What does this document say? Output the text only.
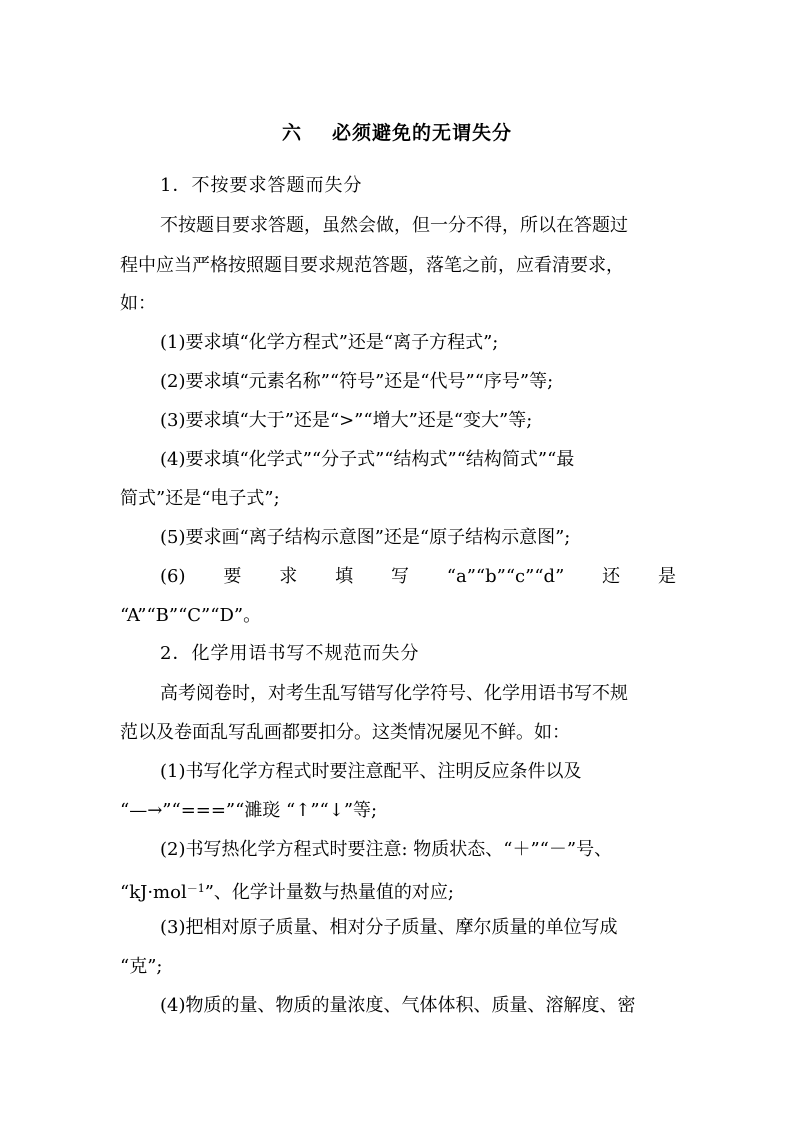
六 必须避免的无谓失分
1．不按要求答题而失分
不按题目要求答题，虽然会做，但一分不得，所以在答题过
程中应当严格按照题目要求规范答题，落笔之前，应看清要求，
如：
(1)要求填“化学方程式”还是“离子方程式”;
(2)要求填“元素名称”“符号”还是“代号”“序号”等;
(3)要求填“大于”还是“>”“增大”还是“变大”等;
(4)要求填“化学式”“分子式”“结构式”“结构简式”“最
简式”还是“电子式”;
(5)要求画“离子结构示意图”还是“原子结构示意图”;
(6) 要 求 填 写 “a”“b”“c”“d” 还 是
“A”“B”“C”“D”。
2．化学用语书写不规范而失分
高考阅卷时，对考生乱写错写化学符号、化学用语书写不规
范以及卷面乱写乱画都要扣分。这类情况屡见不鲜。如：
(1)书写化学方程式时要注意配平、注明反应条件以及
“—→”“===”“濉珳 “↑”“↓”等;
(2)书写热化学方程式时要注意: 物质状态、“＋”“－”号、
“kJ·mol$^{-1}$”、化学计量数与热量值的对应;
(3)把相对原子质量、相对分子质量、摩尔质量的单位写成
“克”;
(4)物质的量、物质的量浓度、气体体积、质量、溶解度、密
